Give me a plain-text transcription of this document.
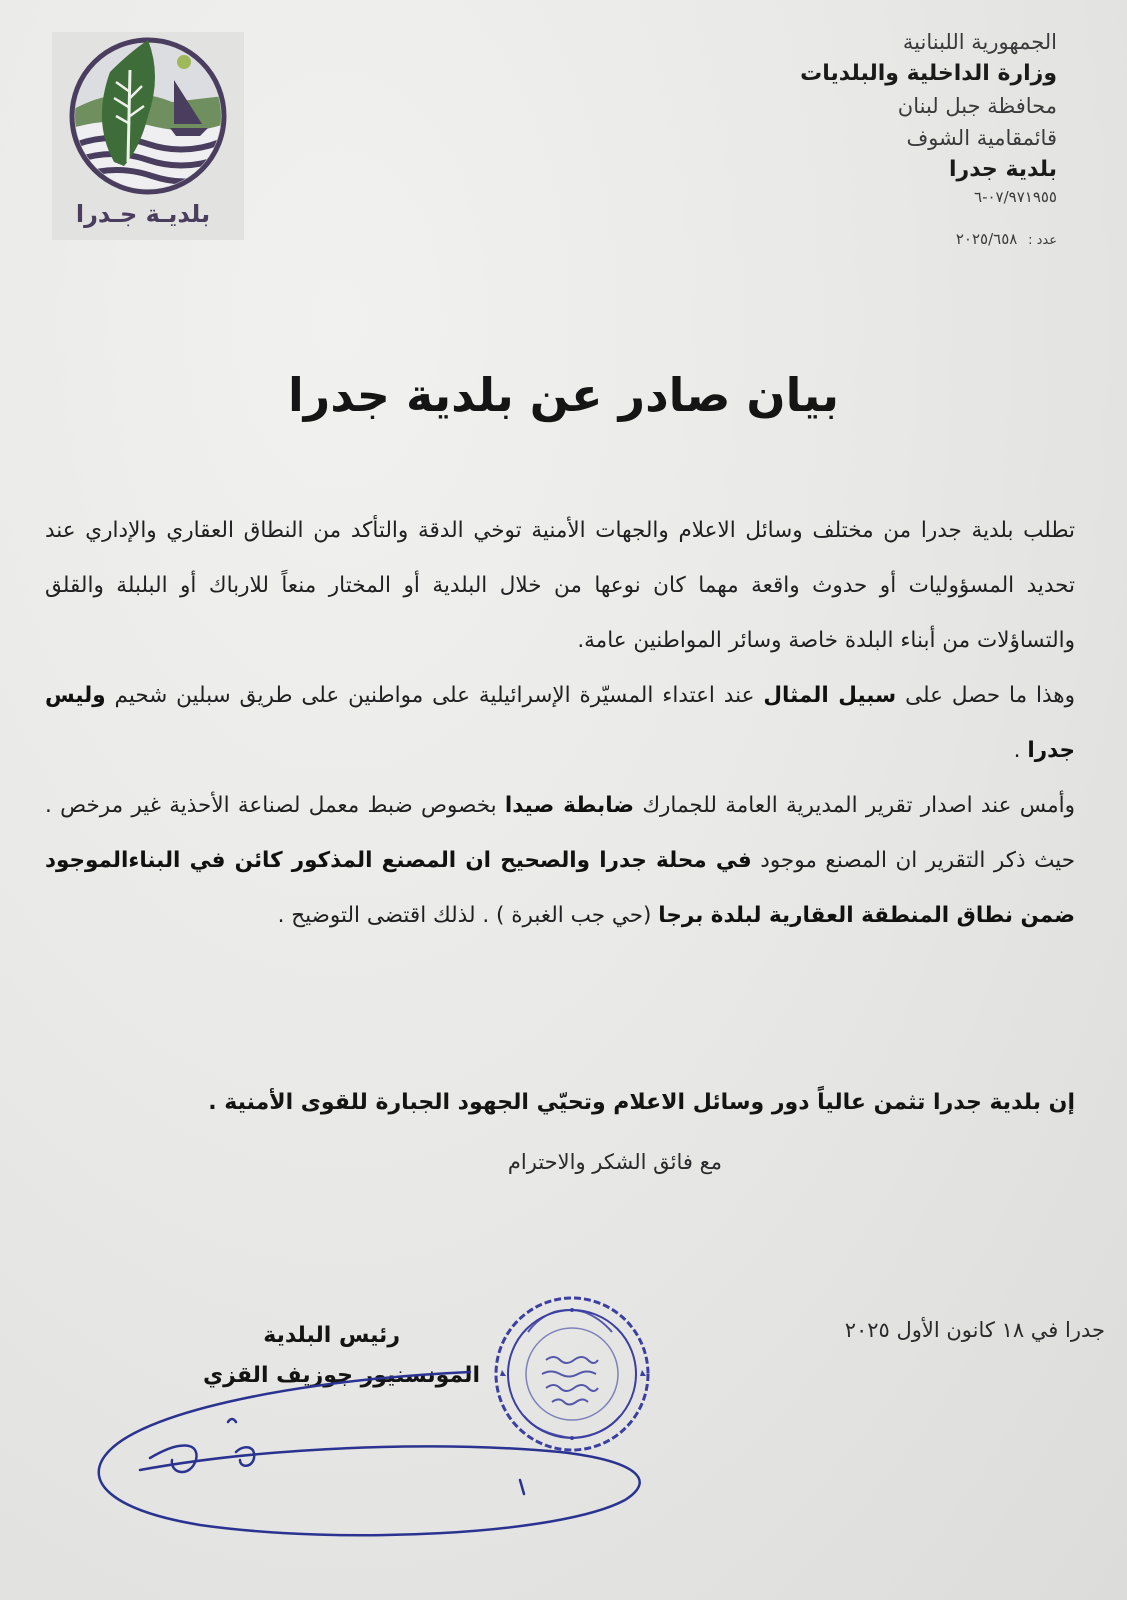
بلديـة جـدرا
الجمهورية اللبنانية
وزارة الداخلية والبلديات
محافظة جبل لبنان
قائمقامية الشوف
بلدية جدرا
٠٧/٩٧١٩٥٥-٦
عدد : ٢٠٢٥/٦٥٨
بيان صادر عن بلدية جدرا

تطلب بلدية جدرا من مختلف وسائل الاعلام والجهات الأمنية توخي الدقة والتأكد من النطاق العقاري والإداري عند تحديد المسؤوليات أو حدوث واقعة مهما كان نوعها من خلال البلدية أو المختار منعاً للارباك أو البلبلة والقلق والتساؤلات من أبناء البلدة خاصة وسائر المواطنين عامة.

وهذا ما حصل على سبيل المثال عند اعتداء المسيّرة الإسرائيلية على مواطنين على طريق سبلين شحيم وليس جدرا .

وأمس عند اصدار تقرير المديرية العامة للجمارك ضابطة صيدا بخصوص ضبط معمل لصناعة الأحذية غير مرخص . حيث ذكر التقرير ان المصنع موجود في محلة جدرا والصحيح ان المصنع المذكور كائن في البناءالموجود ضمن نطاق المنطقة العقارية لبلدة برجا (حي جب الغبرة ) . لذلك اقتضى التوضيح .

إن بلدية جدرا تثمن عالياً دور وسائل الاعلام وتحيّي الجهود الجبارة للقوى الأمنية .
مع فائق الشكر والاحترام
جدرا في ١٨ كانون الأول ٢٠٢٥
رئيس البلدية
المونسنيور جوزيف القزي
